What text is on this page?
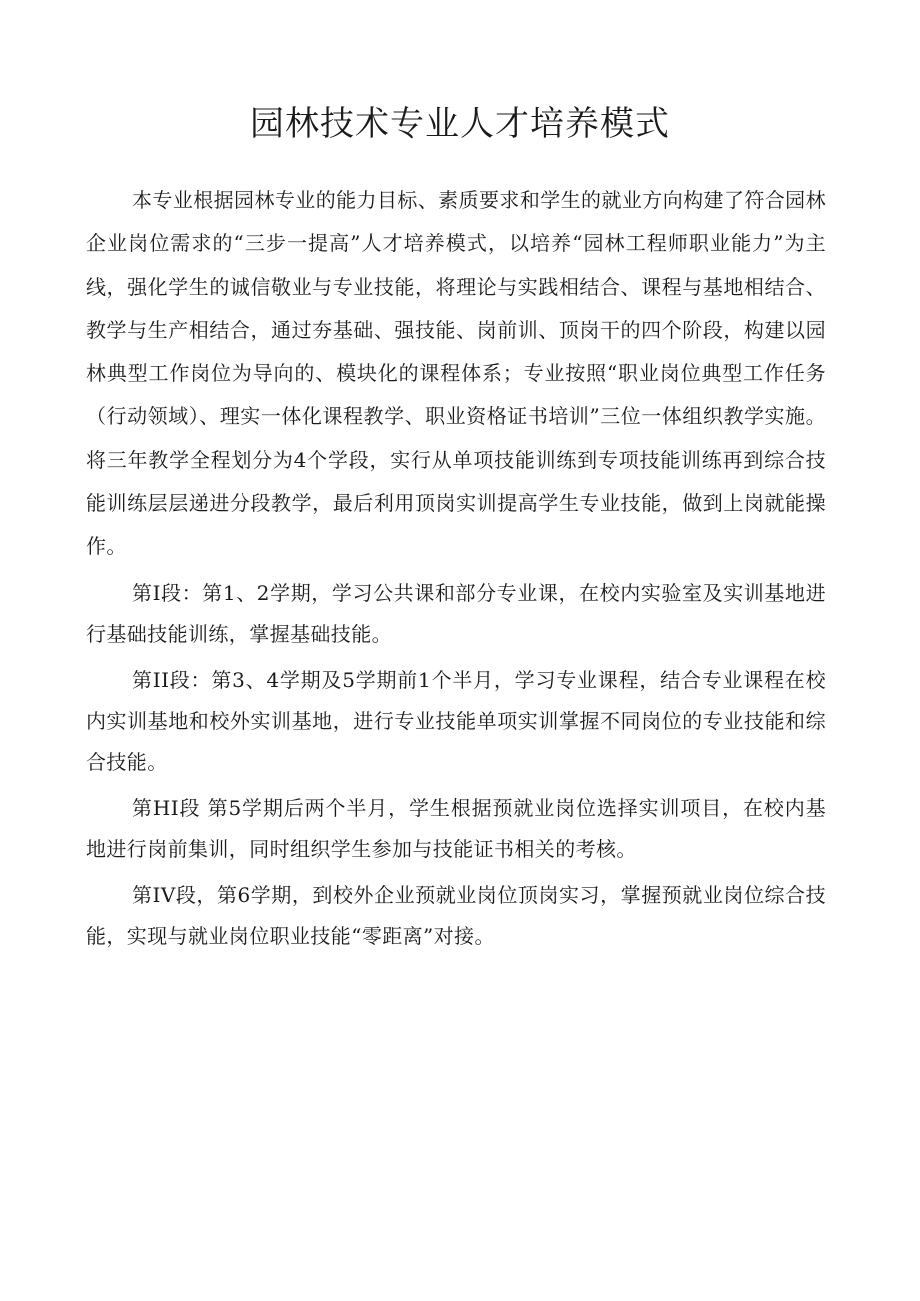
园林技术专业人才培养模式

本专业根据园林专业的能力目标、素质要求和学生的就业方向构建了符合园林企业岗位需求的“三步一提高”人才培养模式，以培养“园林工程师职业能力”为主线，强化学生的诚信敬业与专业技能，将理论与实践相结合、课程与基地相结合、教学与生产相结合，通过夯基础、强技能、岗前训、顶岗干的四个阶段，构建以园林典型工作岗位为导向的、模块化的课程体系；专业按照“职业岗位典型工作任务（行动领域）、理实一体化课程教学、职业资格证书培训”三位一体组织教学实施。将三年教学全程划分为4个学段，实行从单项技能训练到专项技能训练再到综合技能训练层层递进分段教学，最后利用顶岗实训提高学生专业技能，做到上岗就能操作。

第I段：第1、2学期，学习公共课和部分专业课，在校内实验室及实训基地进行基础技能训练，掌握基础技能。

第II段：第3、4学期及5学期前1个半月，学习专业课程，结合专业课程在校内实训基地和校外实训基地，进行专业技能单项实训掌握不同岗位的专业技能和综合技能。

第HI段 第5学期后两个半月，学生根据预就业岗位选择实训项目，在校内基地进行岗前集训，同时组织学生参加与技能证书相关的考核。

第IV段，第6学期，到校外企业预就业岗位顶岗实习，掌握预就业岗位综合技能，实现与就业岗位职业技能“零距离”对接。
